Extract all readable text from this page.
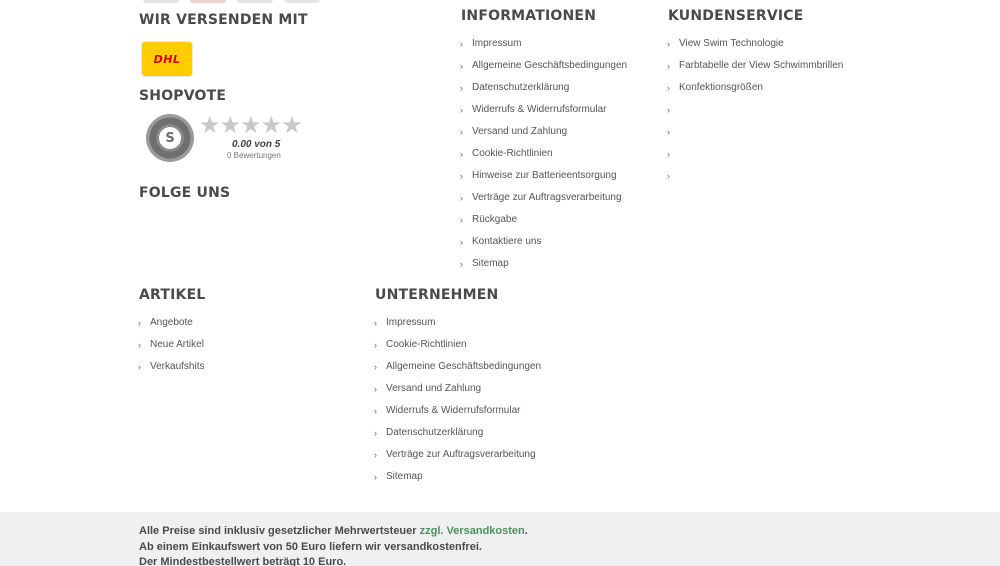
WIR VERSENDEN MIT
DHL
SHOPVOTE
S ★★★★★
0.00 von 5
0 Bewertungen
FOLGE UNS
INFORMATIONEN
› Impressum
› Allgemeine Geschäftsbedingungen
› Datenschutzerklärung
› Widerrufs & Widerrufsformular
› Versand und Zahlung
› Cookie-Richtlinien
› Hinweise zur Batterieentsorgung
› Verträge zur Auftragsverarbeitung
› Rückgabe
› Kontaktiere uns
› Sitemap
KUNDENSERVICE
› View Swim Technologie
› Farbtabelle der View Schwimmbrillen
› Konfektionsgrößen
›
›
›
›
ARTIKEL
› Angebote
› Neue Artikel
› Verkaufshits
UNTERNEHMEN
› Impressum
› Cookie-Richtlinien
› Allgemeine Geschäftsbedingungen
› Versand und Zahlung
› Widerrufs & Widerrufsformular
› Datenschutzerklärung
› Verträge zur Auftragsverarbeitung
› Sitemap

Alle Preise sind inklusiv gesetzlicher Mehrwertsteuer zzgl. Versandkosten.

Ab einem Einkaufswert von 50 Euro liefern wir versandkostenfrei.

Der Mindestbestellwert beträgt 10 Euro.
